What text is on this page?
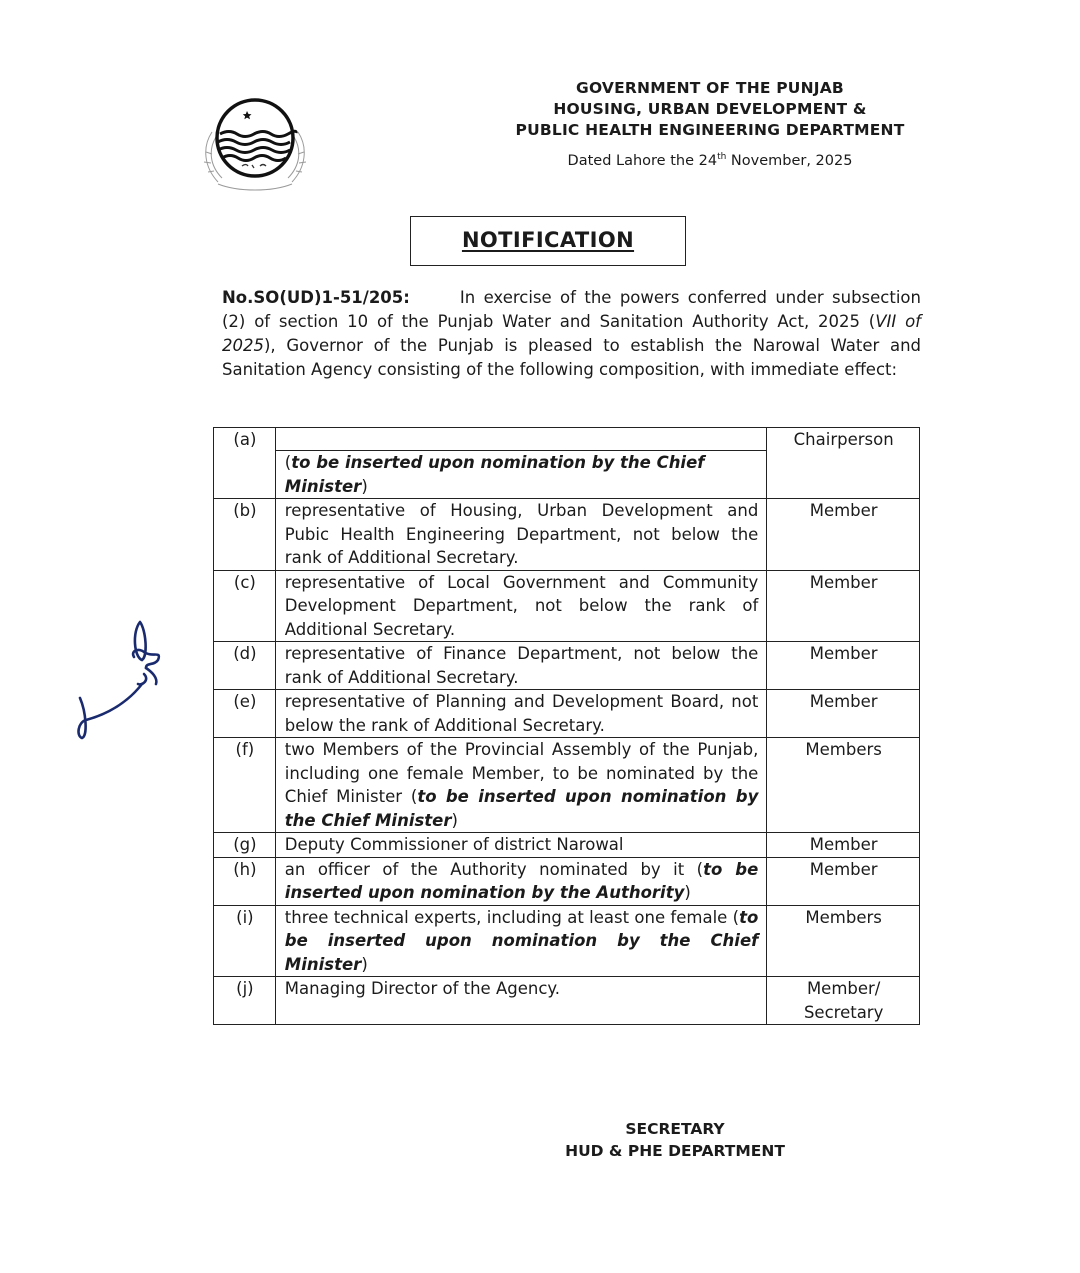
GOVERNMENT OF THE PUNJAB
HOUSING, URBAN DEVELOPMENT &
PUBLIC HEALTH ENGINEERING DEPARTMENT
Dated Lahore the 24th November, 2025
NOTIFICATION
No.SO(UD)1-51/205:	In exercise of the powers conferred under subsection (2) of section 10 of the Punjab Water and Sanitation Authority Act, 2025 (VII of 2025), Governor of the Punjab is pleased to establish the Narowal Water and Sanitation Agency consisting of the following composition, with immediate effect:
(a)		Chairperson
	(to be inserted upon nomination by the Chief Minister)	
(b)	representative of Housing, Urban Development and Pubic Health Engineering Department, not below the rank of Additional Secretary.	Member
(c)	representative of Local Government and Community Development Department, not below the rank of Additional Secretary.	Member
(d)	representative of Finance Department, not below the rank of Additional Secretary.	Member
(e)	representative of Planning and Development Board, not below the rank of Additional Secretary.	Member
(f)	two Members of the Provincial Assembly of the Punjab, including one female Member, to be nominated by the Chief Minister (to be inserted upon nomination by the Chief Minister)	Members
(g)	Deputy Commissioner of district Narowal	Member
(h)	an officer of the Authority nominated by it (to be inserted upon nomination by the Authority)	Member
(i)	three technical experts, including at least one female (to be inserted upon nomination by the Chief Minister)	Members
(j)	Managing Director of the Agency.	Member/
Secretary
SECRETARY
HUD & PHE DEPARTMENT
